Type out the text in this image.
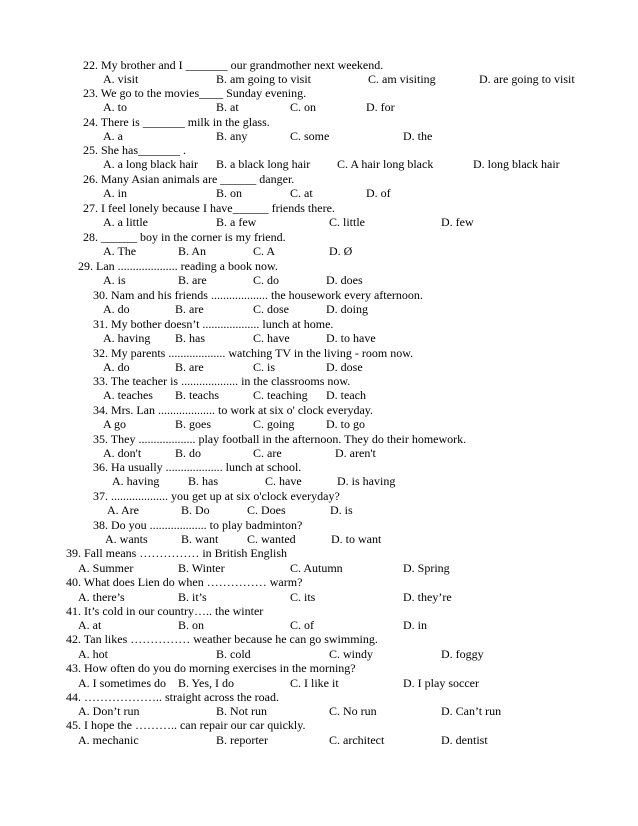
22. My brother and I _______ our grandmother next weekend.
A. visit	B. am going to visit	C. am visiting	D. are going to visit
23. We go to the movies____ Sunday evening.
A. to	B. at	C. on	D. for
24. There is _______ milk in the glass.
A. a	B. any	C. some	D. the
25. She has_______ .
A. a long black hair B. a black long hair C. A hair long black	D. long black hair
26. Many Asian animals are ______ danger.
A. in	B. on	C. at	D. of
27. I feel lonely because I have______ friends there.
A. a little	B. a few	C. little	D. few
28. ______ boy in the corner is my friend.
A. The	B. An	C. A	D. Ø
29. Lan .................... reading a book now.
A. is	B. are	C. do	D. does
30. Nam and his friends ................... the housework every afternoon.
A. do	B. are	C. dose	D. doing
31. My bother doesn’t ................... lunch at home.
A. having B. has	C. have	D. to have
32. My parents ................... watching TV in the living - room now.
A. do	B. are	C. is	D. dose
33. The teacher is ................... in the classrooms now.
A. teaches B. teachs	C. teaching D. teach
34. Mrs. Lan ................... to work at six o' clock everyday.
A go	B. goes	C. going	D. to go
35. They ................... play football in the afternoon. They do their homework.
A. don't	B. do	C. are	D. aren't
36. Ha usually ................... lunch at school.
A. having B. has	C. have	D. is having
37. ................... you get up at six o'clock everyday?
A. Are	B. Do	C. Does	D. is
38. Do you ................... to play badminton?
A. wants	B. want C. wanted	D. to want
39. Fall means …………… in British English
A. Summer	B. Winter	C. Autumn	D. Spring
40. What does Lien do when …………… warm?
A. there’s	B. it’s	C. its	D. they’re
41. It’s cold in our country….. the winter
A. at	B. on	C. of	D. in
42. Tan likes …………… weather because he can go swimming.
A. hot	B. cold	C. windy	D. foggy
43. How often do you do morning exercises in the morning?
A. I sometimes do B. Yes, I do	C. I like it	D. I play soccer
44. ……………….. straight across the road.
A. Don’t run	B. Not run	C. No run	D. Can’t run
45. I hope the ……….. can repair our car quickly.
A. mechanic	B. reporter	C. architect	D. dentist
